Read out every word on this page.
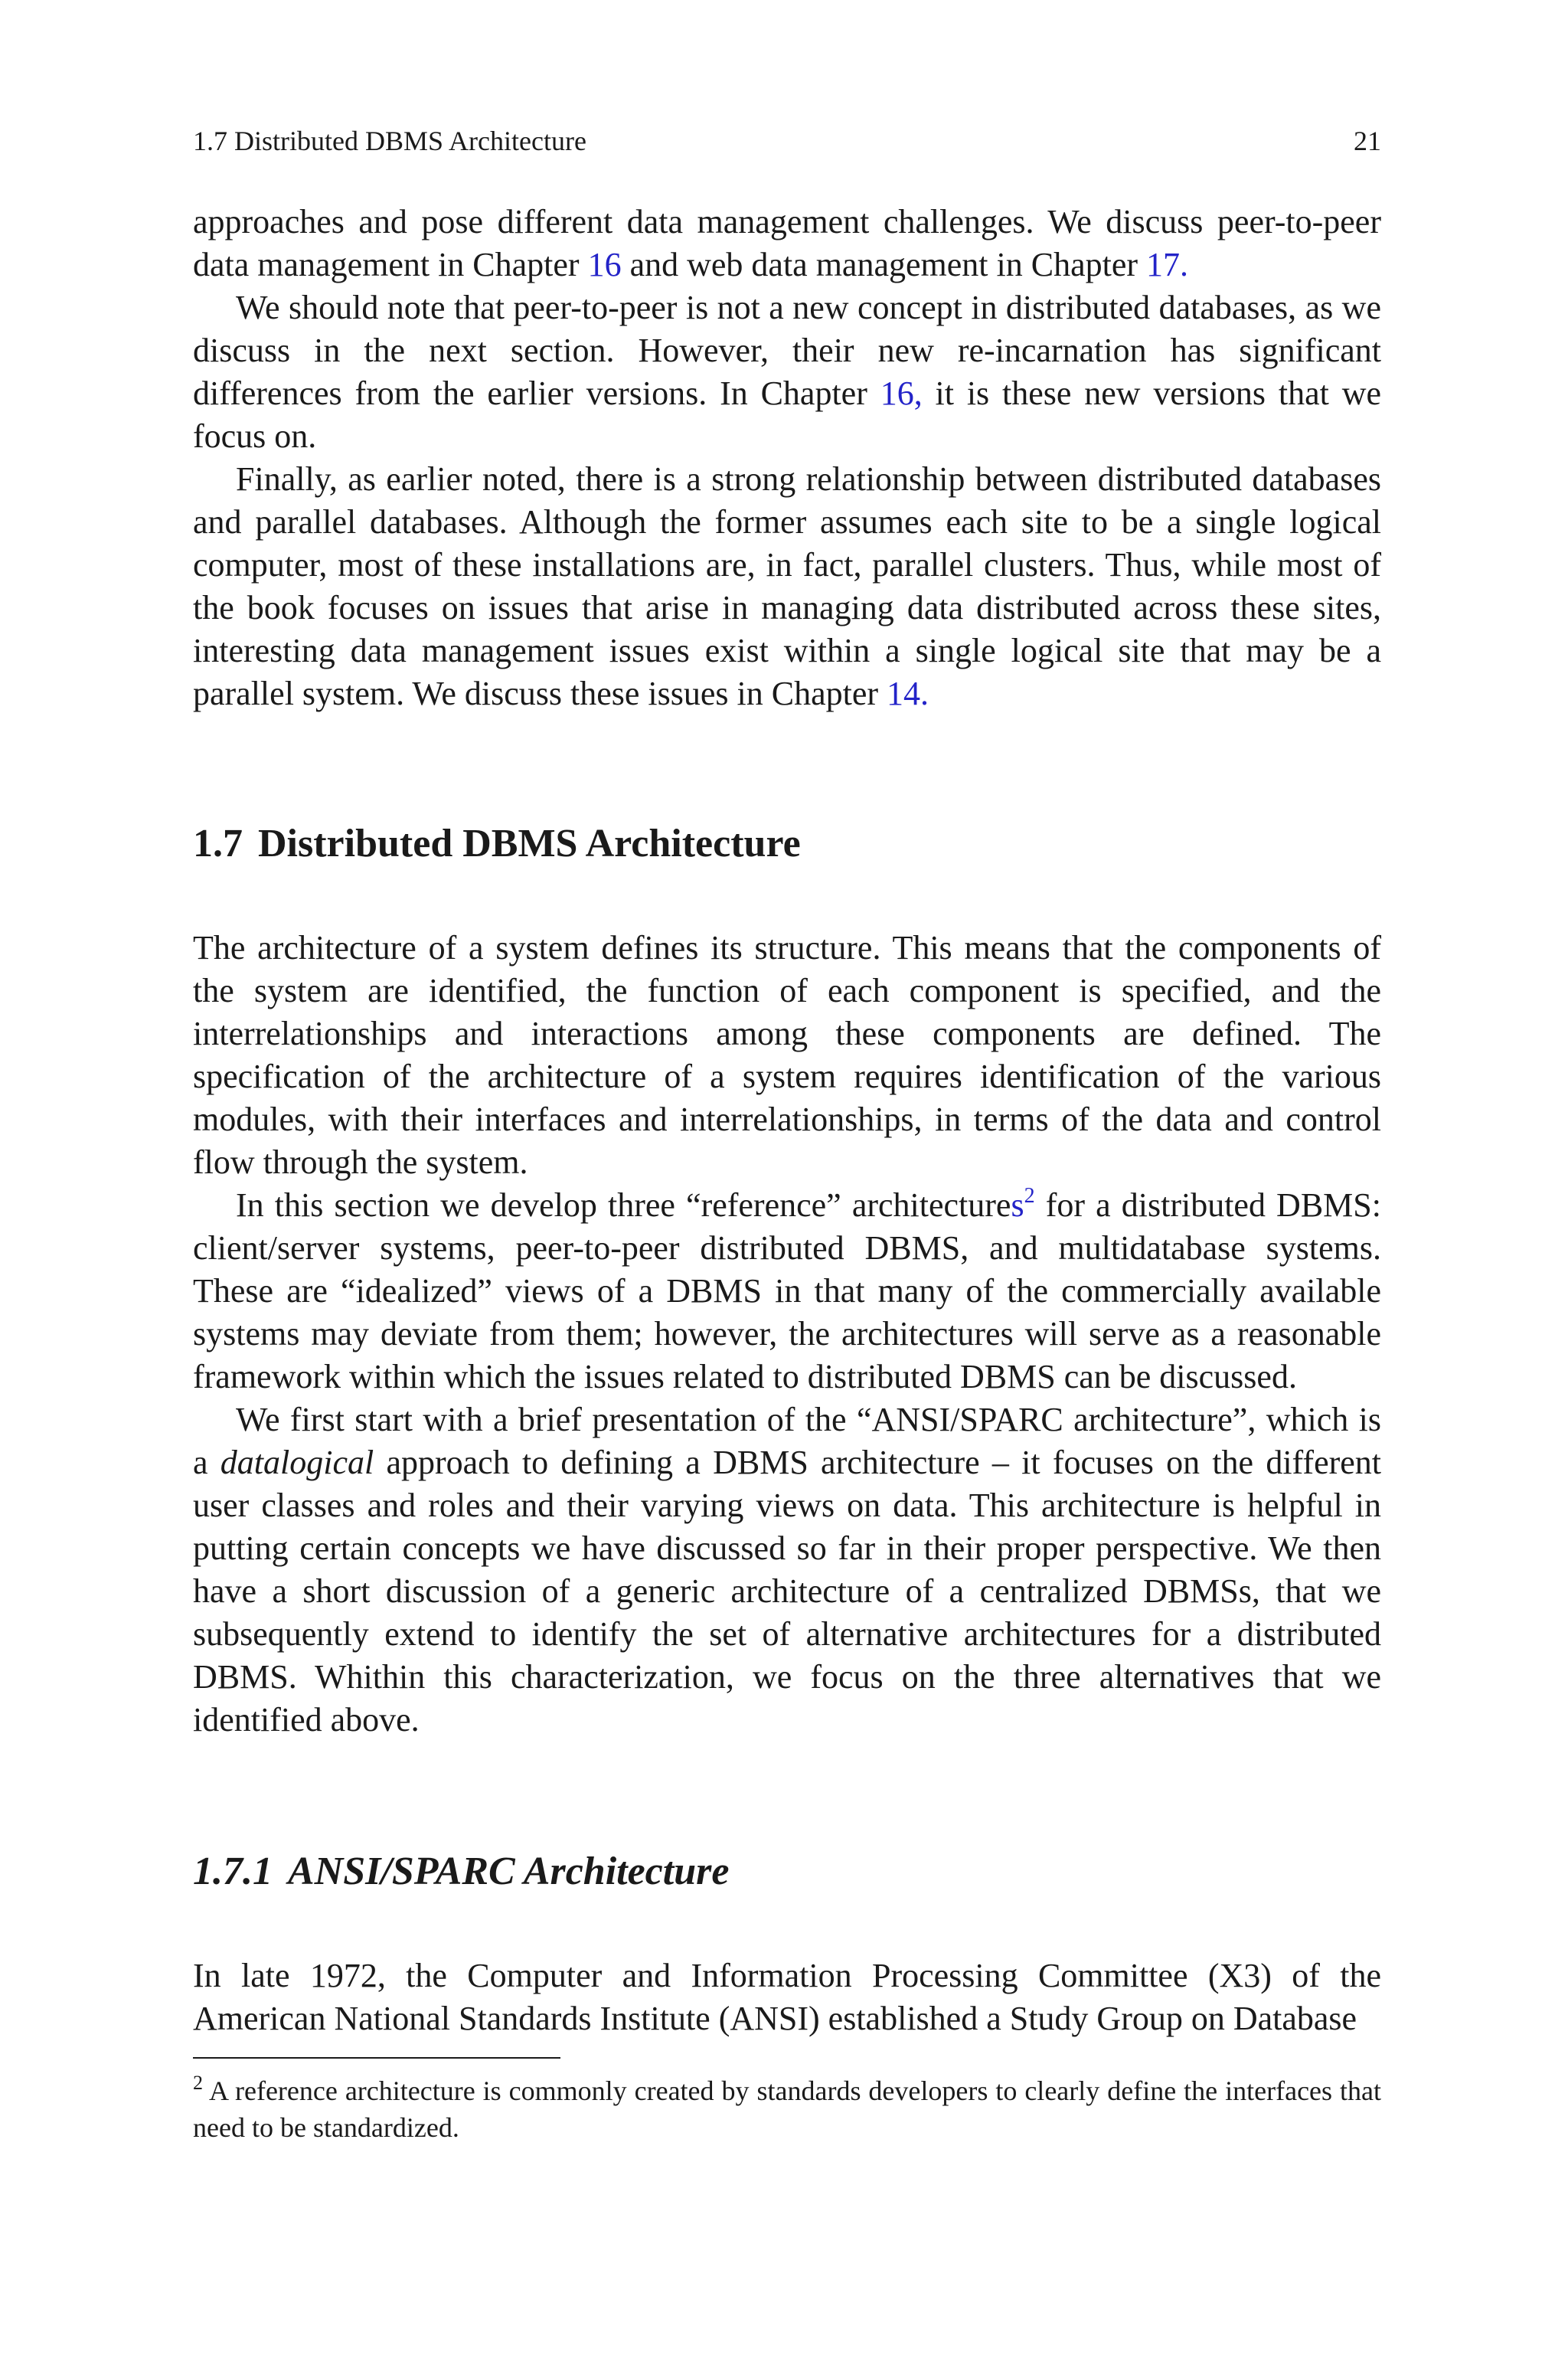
1.7 Distributed DBMS Architecture	21

approaches and pose different data management challenges. We discuss peer-to-peer data management in Chapter 16 and web data management in Chapter 17.

We should note that peer-to-peer is not a new concept in distributed databases, as we discuss in the next section. However, their new re-incarnation has significant differences from the earlier versions. In Chapter 16, it is these new versions that we focus on.

Finally, as earlier noted, there is a strong relationship between distributed databases and parallel databases. Although the former assumes each site to be a single logical computer, most of these installations are, in fact, parallel clusters. Thus, while most of the book focuses on issues that arise in managing data distributed across these sites, interesting data management issues exist within a single logical site that may be a parallel system. We discuss these issues in Chapter 14.

1.7 Distributed DBMS Architecture

The architecture of a system defines its structure. This means that the components of the system are identified, the function of each component is specified, and the interrelationships and interactions among these components are defined. The specification of the architecture of a system requires identification of the various modules, with their interfaces and interrelationships, in terms of the data and control flow through the system.

In this section we develop three “reference” architectures$^2$ for a distributed DBMS: client/server systems, peer-to-peer distributed DBMS, and multidatabase systems. These are “idealized” views of a DBMS in that many of the commercially available systems may deviate from them; however, the architectures will serve as a reasonable framework within which the issues related to distributed DBMS can be discussed.

We first start with a brief presentation of the “ANSI/SPARC architecture”, which is a datalogical approach to defining a DBMS architecture – it focuses on the different user classes and roles and their varying views on data. This architecture is helpful in putting certain concepts we have discussed so far in their proper perspective. We then have a short discussion of a generic architecture of a centralized DBMSs, that we subsequently extend to identify the set of alternative architectures for a distributed DBMS. Whithin this characterization, we focus on the three alternatives that we identified above.

1.7.1 ANSI/SPARC Architecture

In late 1972, the Computer and Information Processing Committee (X3) of the American National Standards Institute (ANSI) established a Study Group on Database

$^2$ A reference architecture is commonly created by standards developers to clearly define the interfaces that need to be standardized.
